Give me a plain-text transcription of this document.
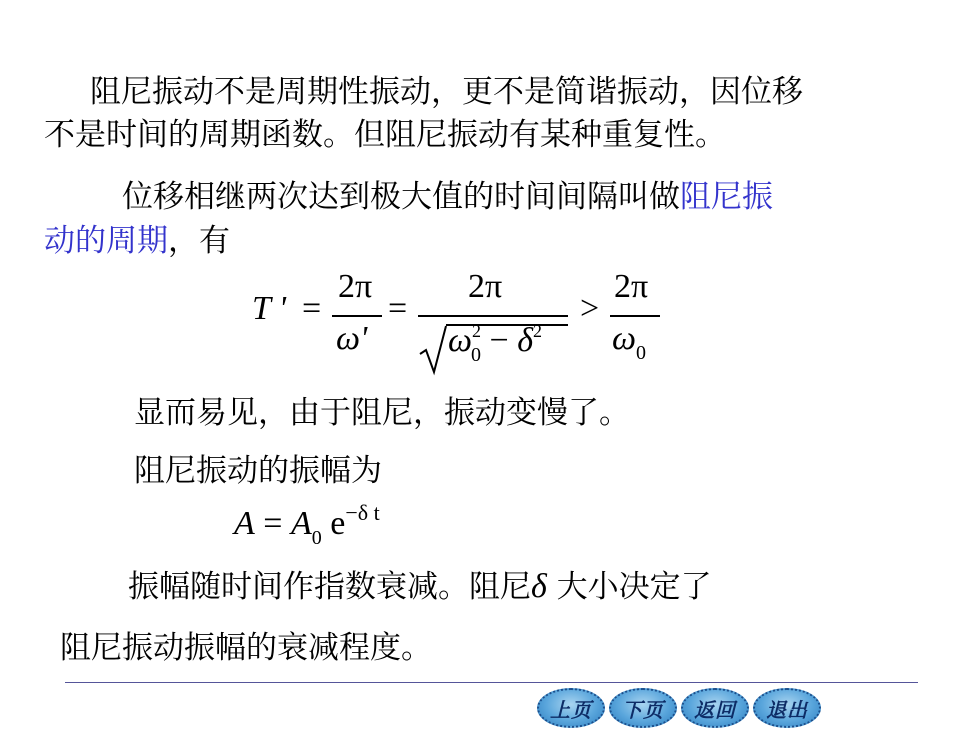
阻尼振动不是周期性振动，更不是简谐振动，因位移
不是时间的周期函数。但阻尼振动有某种重复性。
位移相继两次达到极大值的时间间隔叫做阻尼振
动的周期，有
T ' =
2π
ω'
=
2π
$\omega^2_0 - \delta^2$
>
2π
$\omega_0$
显而易见，由于阻尼，振动变慢了。
阻尼振动的振幅为
$A = A_0$ $e^{-\delta t}$
振幅随时间作指数衰减。阻尼δ 大小决定了
阻尼振动振幅的衰减程度。
上页	下页	返回	退出
